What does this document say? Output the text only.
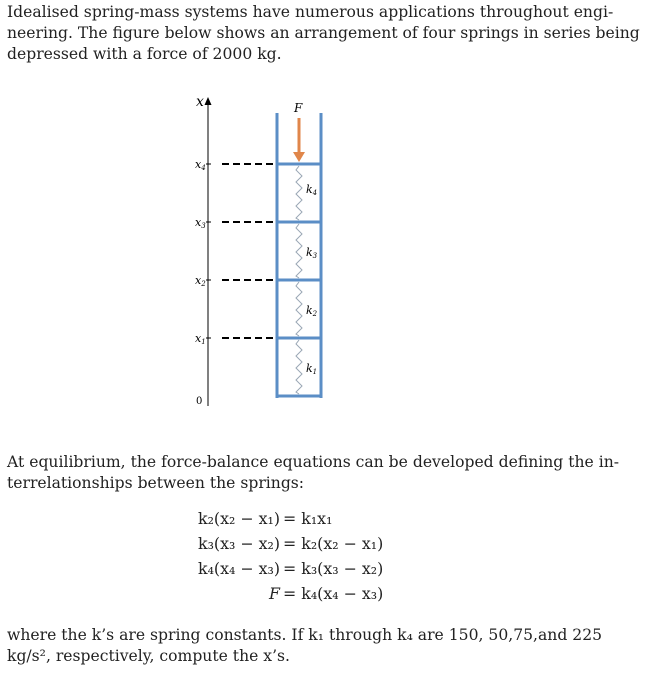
Idealised spring-mass systems have numerous applications throughout engi-
neering. The figure below shows an arrangement of four springs in series being
depressed with a force of 2000 kg.
x
0
x4
x3
x2
x1
k4
k3
k2
k1
F
At equilibrium, the force-balance equations can be developed defining the in-
terrelationships between the springs:
k₂(x₂ − x₁) = k₁x₁
k₃(x₃ − x₂) = k₂(x₂ − x₁)
k₄(x₄ − x₃) = k₃(x₃ − x₂)
F = k₄(x₄ − x₃)
where the k’s are spring constants. If k₁ through k₄ are 150, 50,75,and 225
kg/s², respectively, compute the x’s.
